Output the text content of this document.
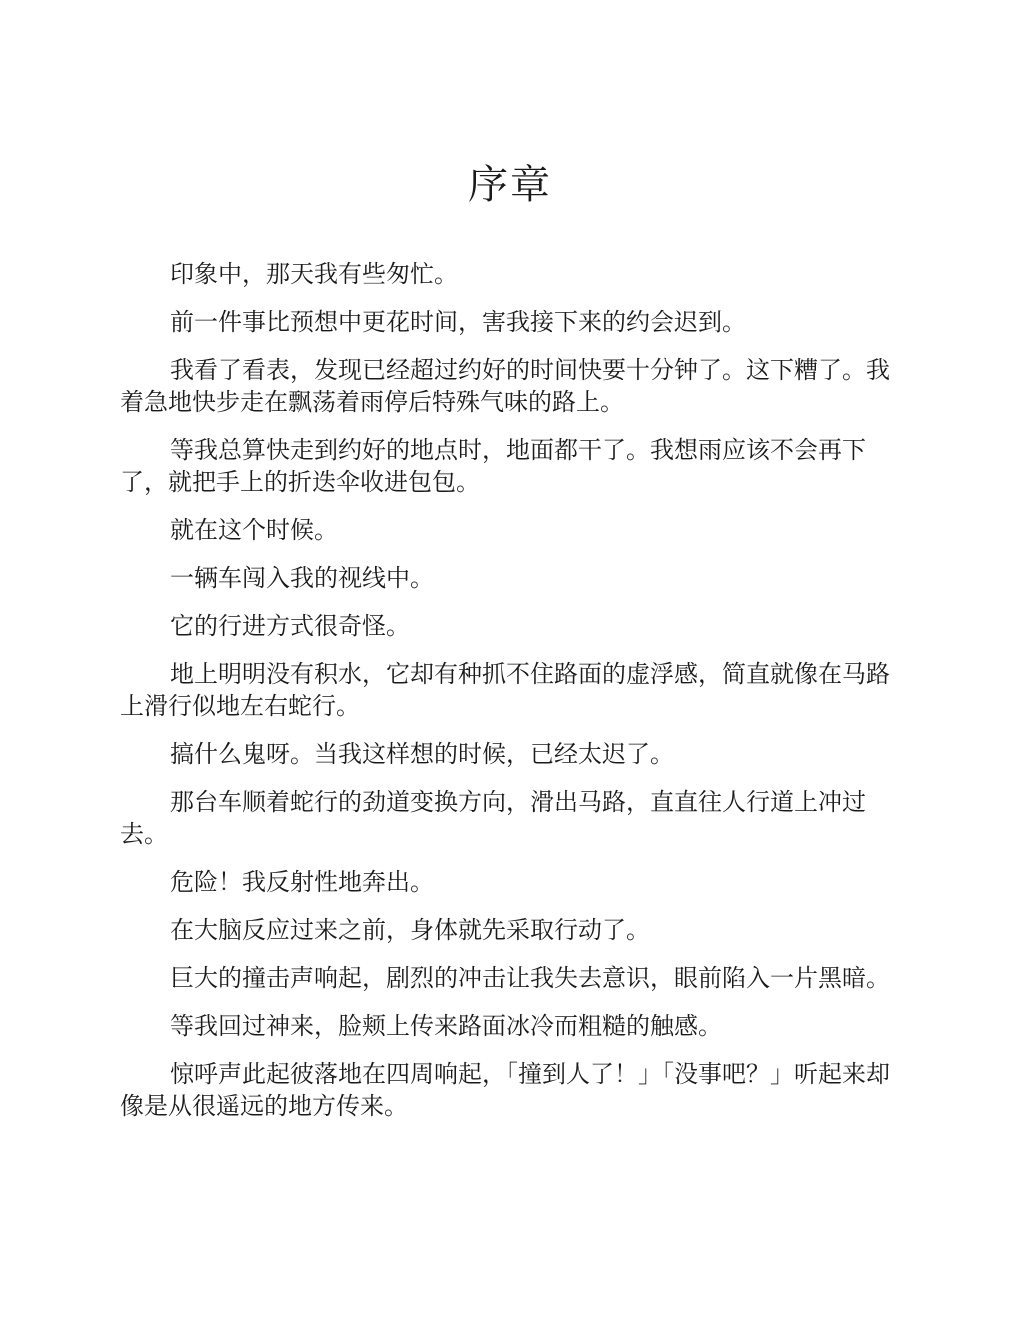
序章

印象中，那天我有些匆忙。

前一件事比预想中更花时间，害我接下来的约会迟到。

我看了看表，发现已经超过约好的时间快要十分钟了。这下糟了。我着急地快步走在飘荡着雨停后特殊气味的路上。

等我总算快走到约好的地点时，地面都干了。我想雨应该不会再下了，就把手上的折迭伞收进包包。

就在这个时候。

一辆车闯入我的视线中。

它的行进方式很奇怪。

地上明明没有积水，它却有种抓不住路面的虚浮感，简直就像在马路上滑行似地左右蛇行。

搞什么鬼呀。当我这样想的时候，已经太迟了。

那台车顺着蛇行的劲道变换方向，滑出马路，直直往人行道上冲过去。

危险！我反射性地奔出。

在大脑反应过来之前，身体就先采取行动了。

巨大的撞击声响起，剧烈的冲击让我失去意识，眼前陷入一片黑暗。

等我回过神来，脸颊上传来路面冰冷而粗糙的触感。

惊呼声此起彼落地在四周响起，「撞到人了！」「没事吧？」听起来却像是从很遥远的地方传来。
